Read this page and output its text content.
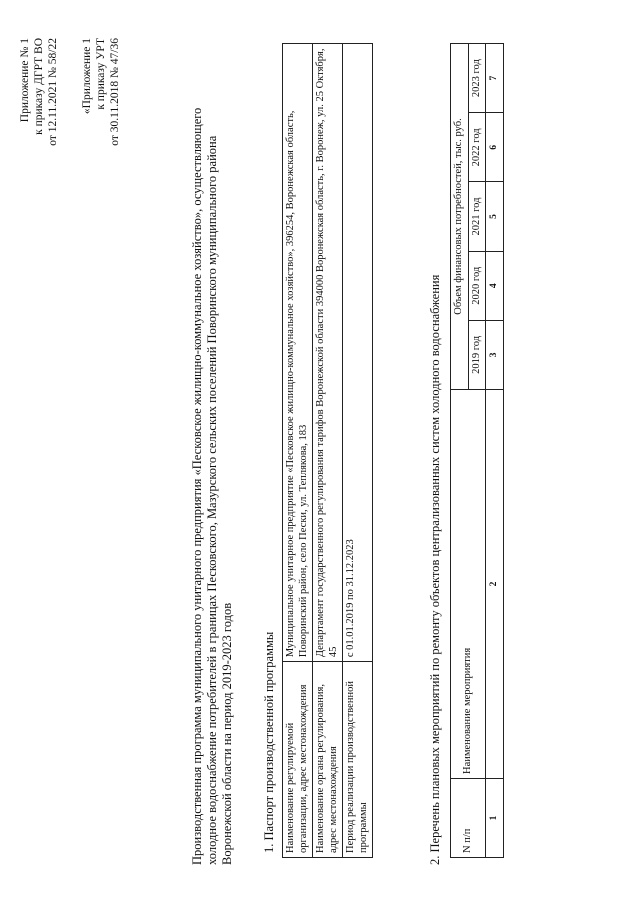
Приложение № 1 к приказу ДГРТ ВО от 12.11.2021 № 58/22 «Приложение 1 к приказу УРТ от 30.11.2018 № 47/36
Производственная программа муниципального унитарного предприятия «Песковское жилищно-коммунальное хозяйство», осуществляющего холодное водоснабжение потребителей в границах Песковского, Мазурского сельских поселений Поворинского муниципального района Воронежской области на период 2019-2023 годов 1. Паспорт производственной программы Наименование регулируемой организации, адрес местонахождения	Муниципальное унитарное предприятие «Песковское жилищно-коммунальное хозяйство», 396254, Воронежская область, Поворинский район, село Пески, ул. Теплякова, 183
Наименование органа регулирования, адрес местонахождения	Департамент государственного регулирования тарифов Воронежской области 394000 Воронежская область, г. Воронеж, ул. 25 Октября, 45
Период реализации производственной программы	с 01.01.2019 по 31.12.2023	2. Перечень плановых мероприятий по ремонту объектов централизованных систем холодного водоснабжения N п/п	Наименование мероприятия	Объем финансовых потребностей, тыс. руб.				
		2019 год	2020 год	2021 год	2022 год	2023 год
1	2	3	4	5	6	7
